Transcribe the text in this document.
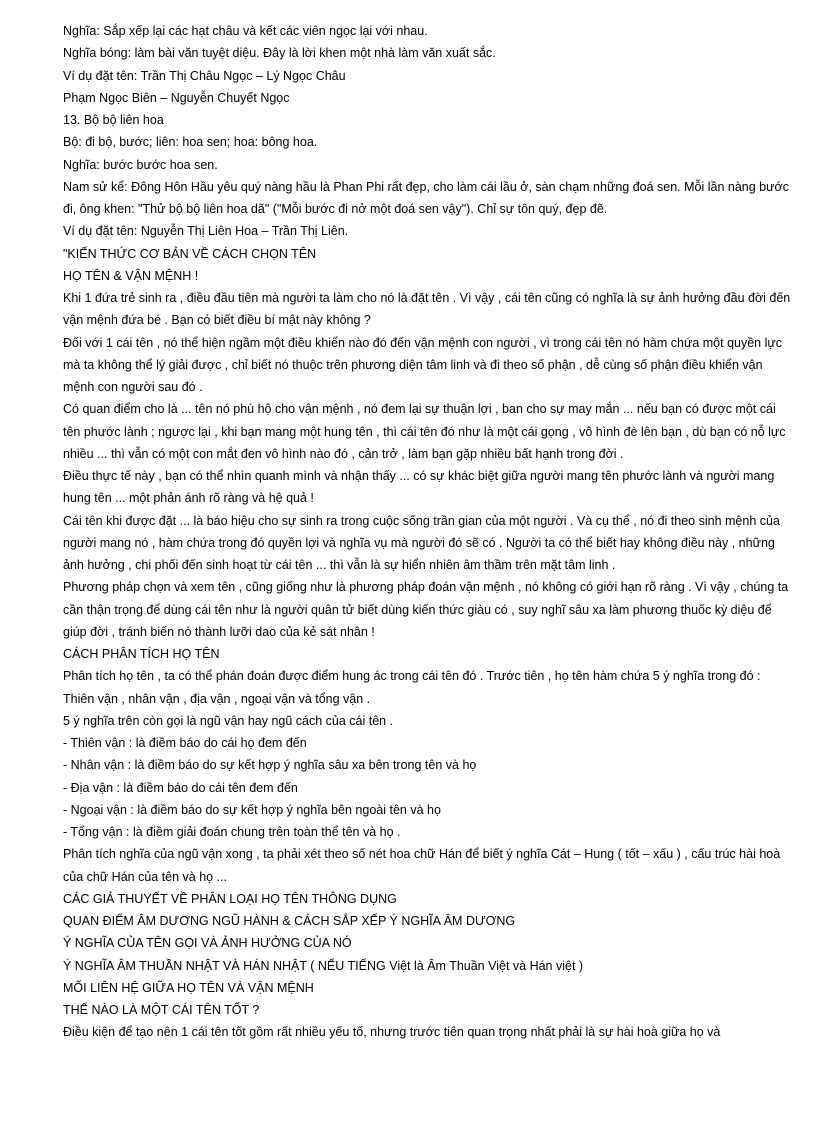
Nghĩa: Sắp xếp lại các hạt châu và kết các viên ngọc lại với nhau.

Nghĩa bóng: làm bài văn tuyệt diệu. Đây là lời khen một nhà làm văn xuất sắc.

Ví dụ đặt tên: Trần Thị Châu Ngọc – Lý Ngọc Châu

Phạm Ngọc Biên – Nguyễn Chuyết Ngọc

13. Bộ bộ liên hoa

Bộ: đi bộ, bước; liên: hoa sen; hoa: bông hoa.

Nghĩa: bước bước hoa sen.

Nam sử kể: Đông Hôn Hầu yêu quý nàng hầu là Phan Phi rất đẹp, cho làm cái lầu ở, sàn chạm những đoá sen. Mỗi lần nàng bước đi, ông khen: "Thử bộ bộ liên hoa dã" ("Mỗi bước đi nở một đoá sen vậy"). Chỉ sự tôn quý, đẹp đẽ.

Ví dụ đặt tên: Nguyễn Thị Liên Hoa – Trần Thị Liên.

"KIẾN THỨC CƠ BẢN VỀ CÁCH CHỌN TÊN

HỌ TÊN & VẬN MỆNH !

Khi 1 đứa trẻ sinh ra , điều đầu tiên mà người ta làm cho nó là đặt tên . Vì vậy , cái tên cũng có nghĩa là sự ảnh hưởng đầu đời đến vận mệnh đứa bé . Bạn có biết điều bí mật này không ?

Đối với 1 cái tên , nó thể hiện ngầm một điều khiển nào đó đến vận mệnh con người , vì trong cái tên nó hàm chứa một quyền lực mà ta không thể lý giải được , chỉ biết nó thuộc trên phương diện tâm linh và đi theo số phận , dễ cùng số phận điều khiển vận mệnh con người sau đó .

Có quan điểm cho là ... tên nó phù hộ cho vận mệnh , nó đem lại sự thuận lợi , ban cho sự may mắn ... nếu bạn có được một cái tên phước lành ; ngược lại , khi bạn mang một hung tên , thì cái tên đó như là một cái gọng , vô hình đè lên bạn , dù bạn có nỗ lực nhiều ... thì vẫn có một con mắt đen vô hình nào đó , cản trở , làm bạn gặp nhiều bất hạnh trong đời .

Điều thực tế này , bạn có thể nhìn quanh mình và nhận thấy ... có sự khác biệt giữa người mang tên phước lành và người mang hung tên ... một phản ánh rõ ràng và hệ quả !

Cái tên khi được đặt ... là báo hiệu cho sự sinh ra trong cuộc sống trần gian của một người . Và cụ thể , nó đi theo sinh mệnh của người mang nó , hàm chứa trong đó quyền lợi và nghĩa vụ mà người đó sẽ có . Người ta có thể biết hay không điều này , những ảnh hưởng , chi phối đến sinh hoạt từ cái tên ... thì vẫn là sự hiển nhiên âm thầm trên mặt tâm linh .

Phương pháp chọn và xem tên , cũng giống như là phương pháp đoán vận mệnh , nó không có giới hạn rõ ràng . Vì vậy , chúng ta cần thận trọng để dùng cái tên như là người quân tử biết dùng kiến thức giàu có , suy nghĩ sâu xa làm phương thuốc kỳ diệu để giúp đời , tránh biến nó thành lưỡi dao của kẻ sát nhân !

CÁCH PHÂN TÍCH HỌ TÊN

Phân tích họ tên , ta có thể phán đoán được điểm hung ác trong cái tên đó . Trước tiên , họ tên hàm chứa 5 ý nghĩa trong đó : Thiên vận , nhân vận , địa vận , ngoại vận và tổng vận .

5 ý nghĩa trên còn gọi là ngũ vận hay ngũ cách của cái tên .

- Thiên vận : là điềm báo do cái họ đem đến

- Nhân vận : là điềm báo do sự kết hợp ý nghĩa sâu xa bên trong tên và họ

- Địa vận : là điềm báo do cái tên đem đến

- Ngoại vận : là điềm báo do sự kết hợp ý nghĩa bên ngoài tên và họ

- Tổng vận : là điềm giải đoán chung trên toàn thể tên và họ .

Phân tích nghĩa của ngũ vận xong , ta phải xét theo số nét hoa chữ Hán để biết ý nghĩa Cát – Hung ( tốt – xấu ) , cấu trúc hài hoà của chữ Hán của tên và họ ...

CÁC GIẢ THUYẾT VỀ PHÂN LOẠI HỌ TÊN THÔNG DỤNG

QUAN ĐIỂM ÂM DƯƠNG NGŨ HÀNH & CÁCH SẮP XẾP Ý NGHĨA ÂM DƯƠNG

Ý NGHĨA CỦA TÊN GỌI VÀ ẢNH HƯỞNG CỦA NÓ

Ý NGHĨA ÂM THUẦN NHẬT VÀ HÁN NHẬT ( NẾU TIẾNG Việt là Âm Thuần Việt và Hán việt )

MỐI LIÊN HỆ GIỮA HỌ TÊN VÀ VẬN MỆNH

THẾ NÀO LÀ MỘT CÁI TÊN TỐT ?

Điều kiện để tạo nên 1 cái tên tốt gồm rất nhiều yếu tố, nhưng trước tiên quan trọng nhất phải là sự hài hoà giữa họ và
